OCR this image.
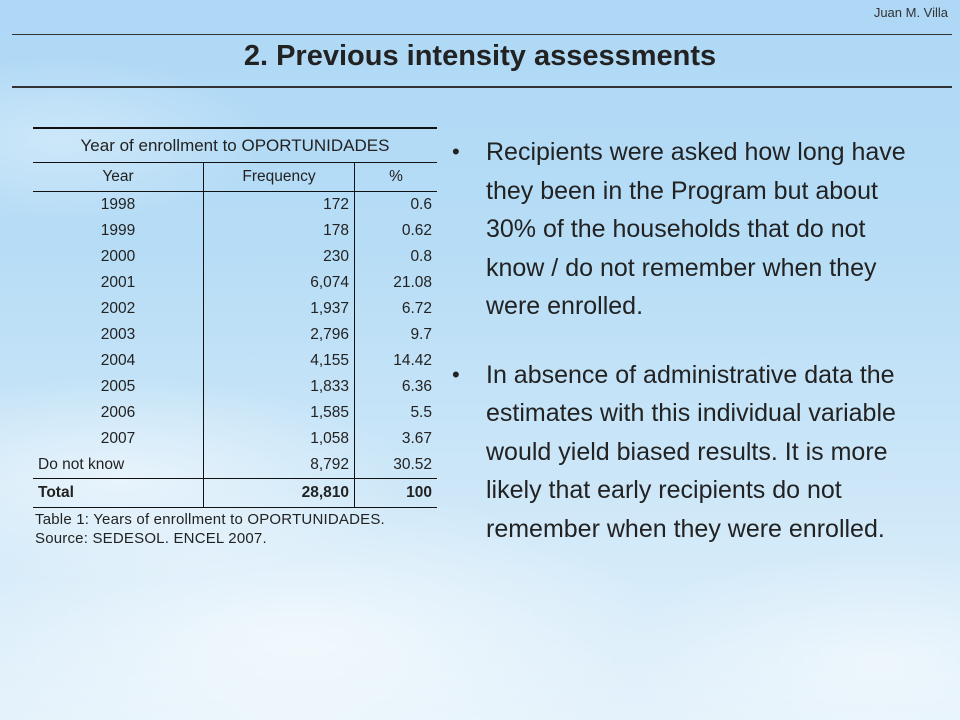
Juan M. Villa
2. Previous intensity assessments
Year of enrollment to OPORTUNIDADES		
Year	Frequency	%
1998	172	0.6
1999	178	0.62
2000	230	0.8
2001	6,074	21.08
2002	1,937	6.72
2003	2,796	9.7
2004	4,155	14.42
2005	1,833	6.36
2006	1,585	5.5
2007	1,058	3.67
Do not know	8,792	30.52
Total	28,810	100
Table 1: Years of enrollment to OPORTUNIDADES.
Source: SEDESOL. ENCEL 2007.
• Recipients were asked how long have they been in the Program but about 30% of the households that do not know / do not remember when they were enrolled.
• In absence of administrative data the estimates with this individual variable would yield biased results. It is more likely that early recipients do not remember when they were enrolled.
